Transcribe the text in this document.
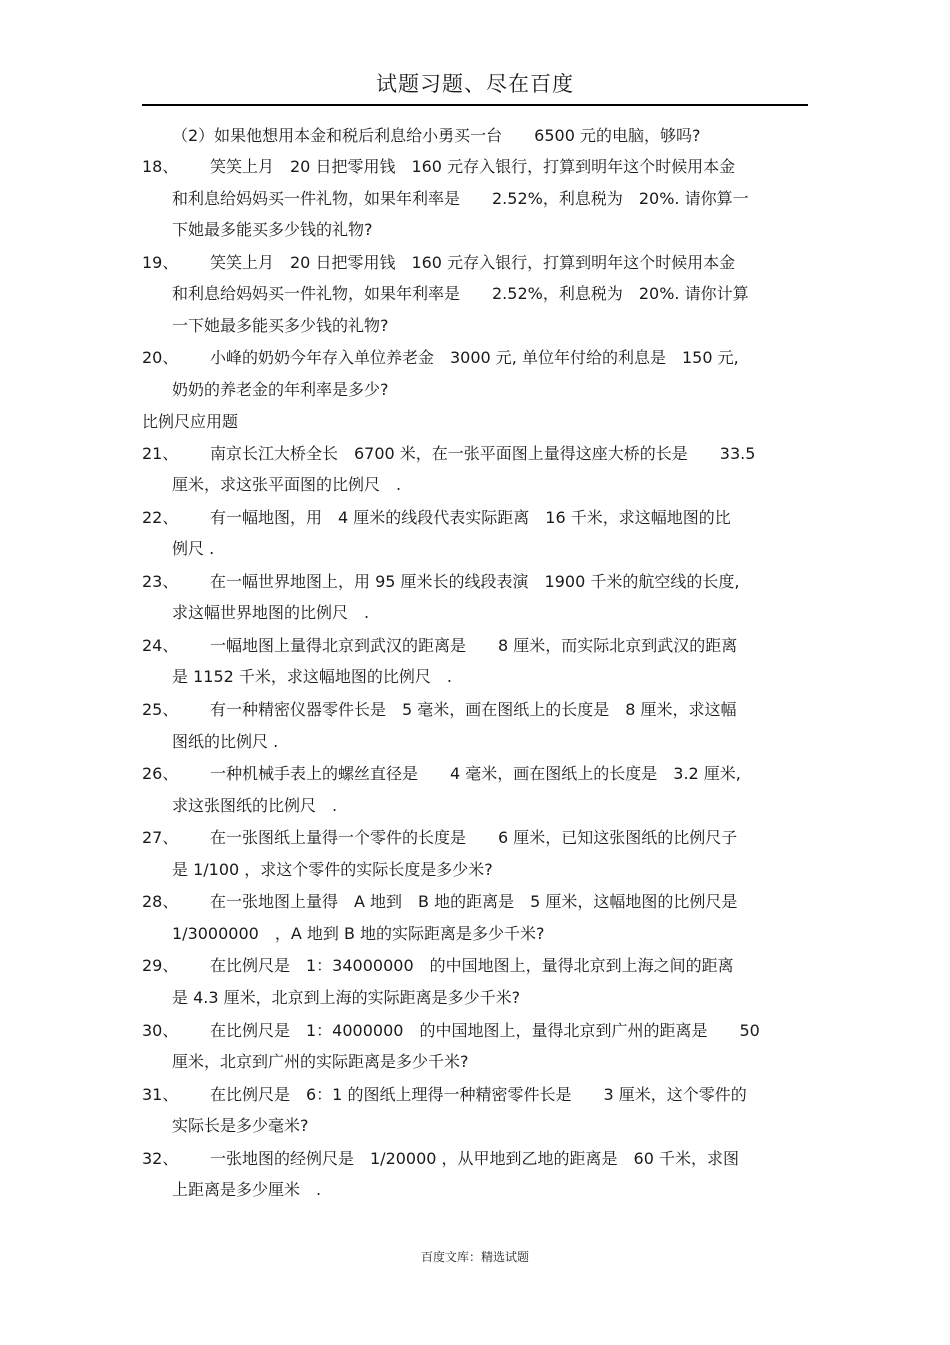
试题习题、尽在百度
（2）如果他想用本金和税后利息给小勇买一台　　6500 元的电脑，够吗?
18、	笑笑上月　20 日把零用钱　160 元存入银行，打算到明年这个时候用本金
和利息给妈妈买一件礼物，如果年利率是　　2.52%，利息税为　20%. 请你算一
下她最多能买多少钱的礼物?
19、	笑笑上月　20 日把零用钱　160 元存入银行，打算到明年这个时候用本金
和利息给妈妈买一件礼物，如果年利率是　　2.52%，利息税为　20%. 请你计算
一下她最多能买多少钱的礼物?
20、	小峰的奶奶今年存入单位养老金　3000 元, 单位年付给的利息是　150 元,
奶奶的养老金的年利率是多少?
比例尺应用题
21、	南京长江大桥全长　6700 米，在一张平面图上量得这座大桥的长是　　33.5
厘米，求这张平面图的比例尺　.
22、	有一幅地图，用　4 厘米的线段代表实际距离　16 千米，求这幅地图的比
例尺 .
23、	在一幅世界地图上，用 95 厘米长的线段表演　1900 千米的航空线的长度,
求这幅世界地图的比例尺　.
24、	一幅地图上量得北京到武汉的距离是　　8 厘米，而实际北京到武汉的距离
是 1152 千米，求这幅地图的比例尺　.
25、	有一种精密仪器零件长是　5 毫米，画在图纸上的长度是　8 厘米，求这幅
图纸的比例尺 .
26、	一种机械手表上的螺丝直径是　　4 毫米，画在图纸上的长度是　3.2 厘米,
求这张图纸的比例尺　.
27、	在一张图纸上量得一个零件的长度是　　6 厘米，已知这张图纸的比例尺子
是 1/100 ，求这个零件的实际长度是多少米?
28、	在一张地图上量得　A 地到　B 地的距离是　5 厘米，这幅地图的比例尺是
1/3000000　，A 地到 B 地的实际距离是多少千米?
29、	在比例尺是　1：34000000　的中国地图上，量得北京到上海之间的距离
是 4.3 厘米，北京到上海的实际距离是多少千米?
30、	在比例尺是　1：4000000　的中国地图上，量得北京到广州的距离是　　50
厘米，北京到广州的实际距离是多少千米?
31、	在比例尺是　6：1 的图纸上理得一种精密零件长是　　3 厘米，这个零件的
实际长是多少毫米?
32、	一张地图的经例尺是　1/20000 ，从甲地到乙地的距离是　60 千米，求图
上距离是多少厘米　.
百度文库：精选试题
